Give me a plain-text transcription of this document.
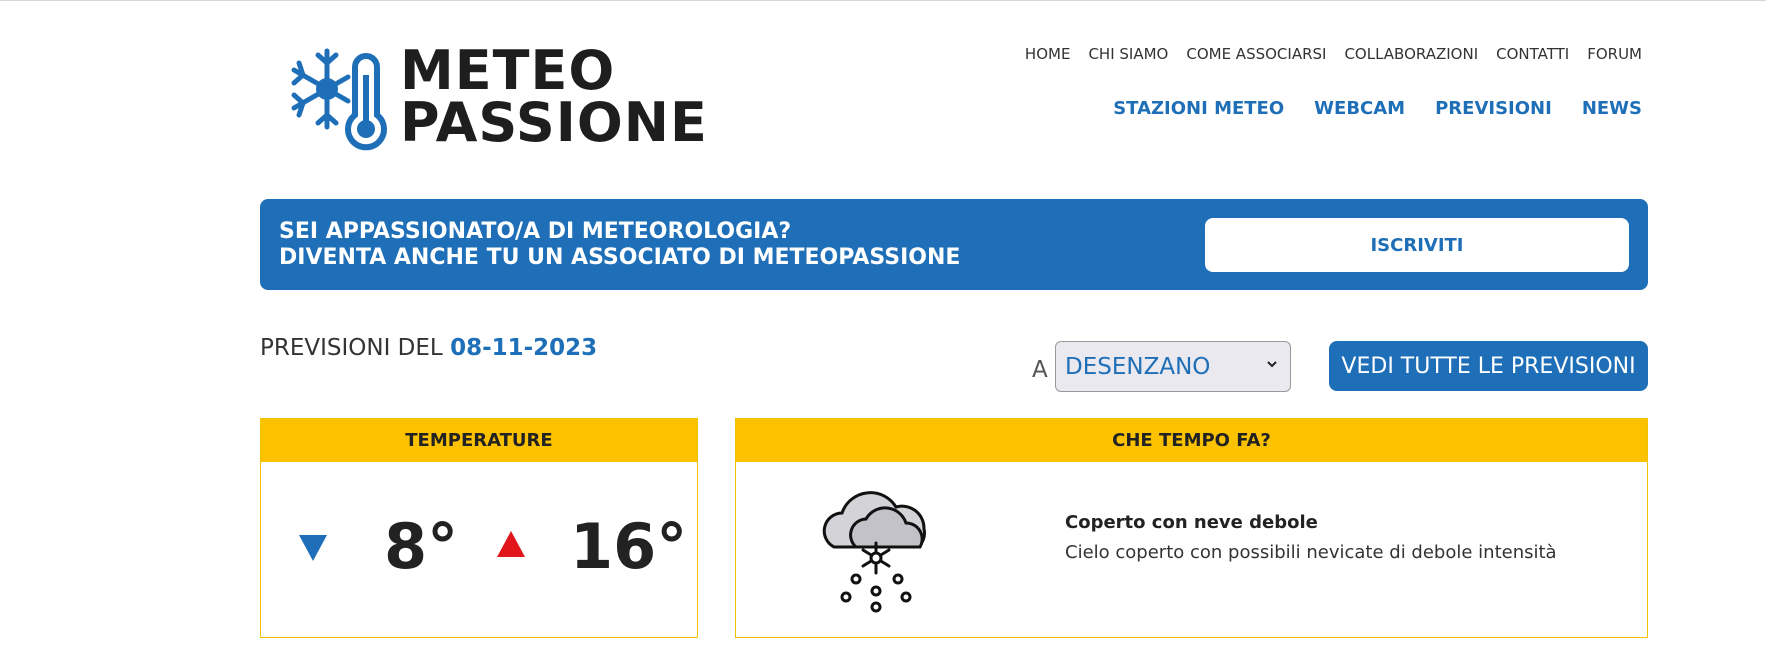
METEO
PASSIONE
HOME CHI SIAMO COME ASSOCIARSI COLLABORAZIONI CONTATTI FORUM
STAZIONI METEO WEBCAM PREVISIONI NEWS
SEI APPASSIONATO/A DI METEOROLOGIA?
DIVENTA ANCHE TU UN ASSOCIATO DI METEOPASSIONE	ISCRIVITI
PREVISIONI DEL 08-11-2023
A DESENZANO	VEDI TUTTE LE PREVISIONI
TEMPERATURE
8° 16°
CHE TEMPO FA?
Coperto con neve debole
Cielo coperto con possibili nevicate di debole intensità
